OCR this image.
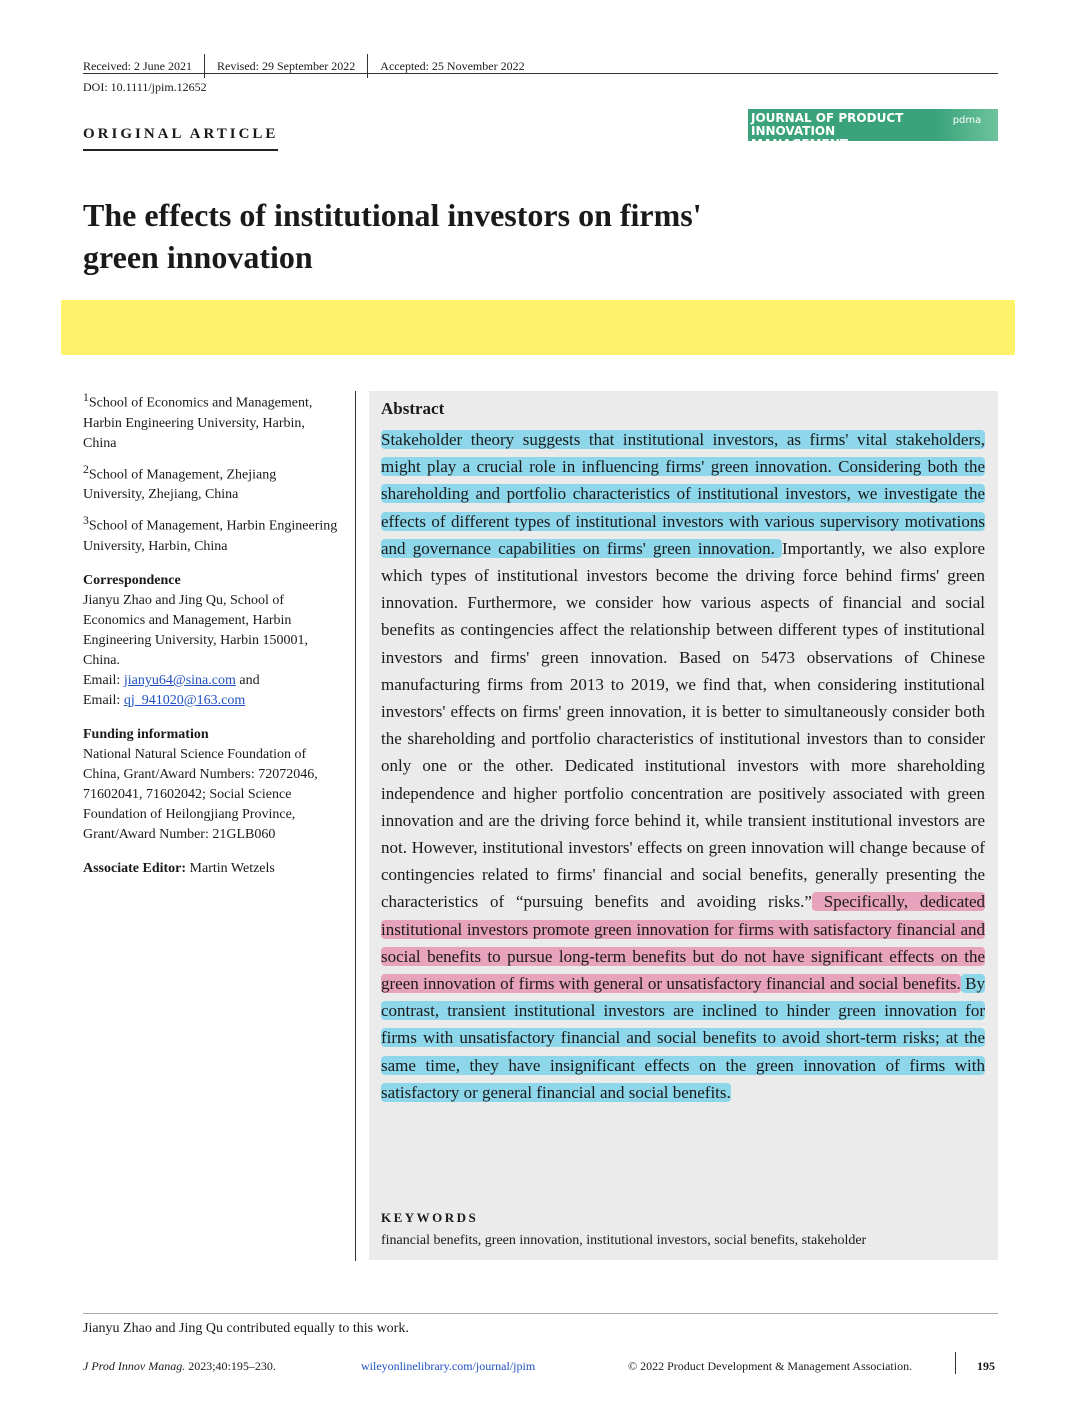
Received: 2 June 2021	Revised: 29 September 2022	Accepted: 25 November 2022
DOI: 10.1111/jpim.12652
ORIGINAL ARTICLE
JOURNAL OF PRODUCT
INNOVATION MANAGEMENT
pdma
The effects of institutional investors on firms'
green innovation

$^1$School of Economics and Management, Harbin Engineering University, Harbin, China

$^2$School of Management, Zhejiang University, Zhejiang, China

$^3$School of Management, Harbin Engineering University, Harbin, China

Correspondence
Jianyu Zhao and Jing Qu, School of Economics and Management, Harbin Engineering University, Harbin 150001, China.
Email: jianyu64@sina.com and
Email: qj_941020@163.com
Funding information
National Natural Science Foundation of China, Grant/Award Numbers: 72072046, 71602041, 71602042; Social Science Foundation of Heilongjiang Province, Grant/Award Number: 21GLB060
Associate Editor: Martin Wetzels
Abstract
Stakeholder theory suggests that institutional investors, as firms' vital stakeholders, might play a crucial role in influencing firms' green innovation. Considering both the shareholding and portfolio characteristics of institutional investors, we investigate the effects of different types of institutional investors with various supervisory motivations and governance capabilities on firms' green innovation. Importantly, we also explore which types of institutional investors become the driving force behind firms' green innovation. Furthermore, we consider how various aspects of financial and social benefits as contingencies affect the relationship between different types of institutional investors and firms' green innovation. Based on 5473 observations of Chinese manufacturing firms from 2013 to 2019, we find that, when considering institutional investors' effects on firms' green innovation, it is better to simultaneously consider both the shareholding and portfolio characteristics of institutional investors than to consider only one or the other. Dedicated institutional investors with more shareholding independence and higher portfolio concentration are positively associated with green innovation and are the driving force behind it, while transient institutional investors are not. However, institutional investors' effects on green innovation will change because of contingencies related to firms' financial and social benefits, generally presenting the characteristics of “pursuing benefits and avoiding risks.” Specifically, dedicated institutional investors promote green innovation for firms with satisfactory financial and social benefits to pursue long-term benefits but do not have significant effects on the green innovation of firms with general or unsatisfactory financial and social benefits. By contrast, transient institutional investors are inclined to hinder green innovation for firms with unsatisfactory financial and social benefits to avoid short-term risks; at the same time, they have insignificant effects on the green innovation of firms with satisfactory or general financial and social benefits.
KEYWORDS
financial benefits, green innovation, institutional investors, social benefits, stakeholder
Jianyu Zhao and Jing Qu contributed equally to this work.
J Prod Innov Manag. 2023;40:195–230.	wileyonlinelibrary.com/journal/jpim	© 2022 Product Development & Management Association.	195
